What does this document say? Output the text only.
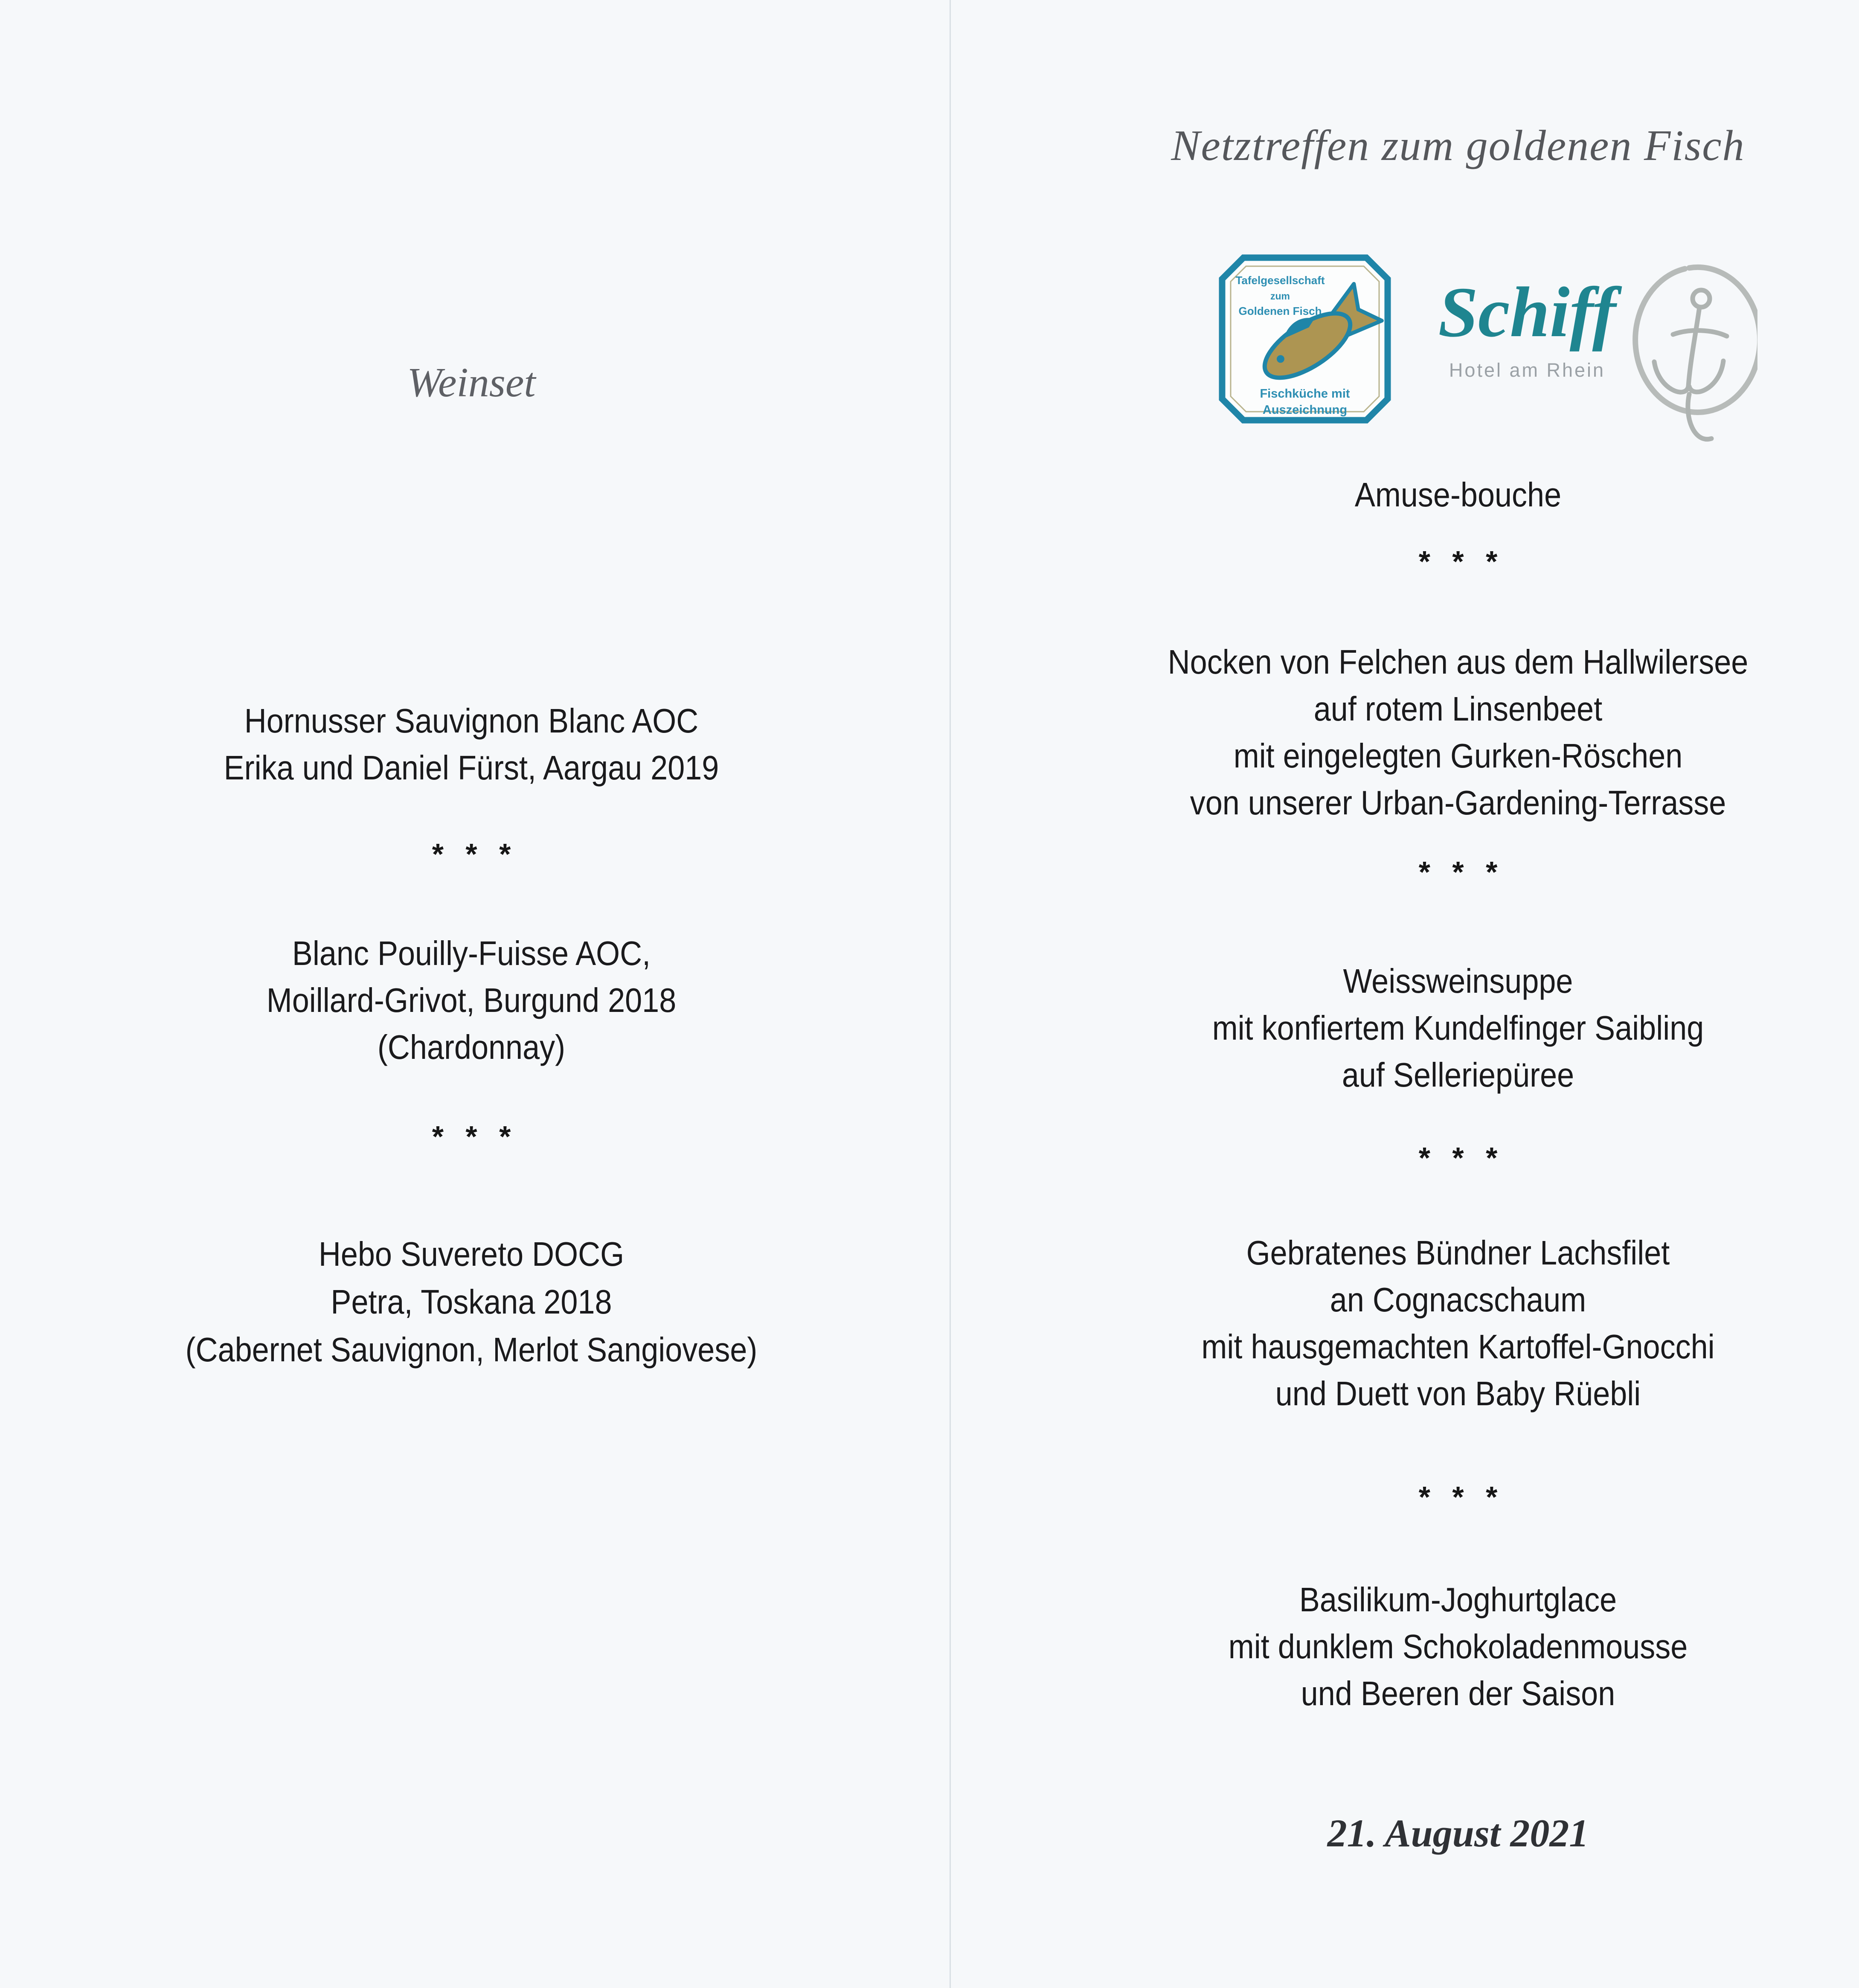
Weinset
Hornusser Sauvignon Blanc AOC
Erika und Daniel Fürst, Aargau 2019
* * *
Blanc Pouilly-Fuisse AOC,
Moillard-Grivot, Burgund 2018
(Chardonnay)
* * *
Hebo Suvereto DOCG
Petra, Toskana 2018
(Cabernet Sauvignon, Merlot Sangiovese)
Netztreffen zum goldenen Fisch
Amuse-bouche
* * *
Nocken von Felchen aus dem Hallwilersee
auf rotem Linsenbeet
mit eingelegten Gurken-Röschen
von unserer Urban-Gardening-Terrasse
* * *
Weissweinsuppe
mit konfiertem Kundelfinger Saibling
auf Selleriepüree
* * *
Gebratenes Bündner Lachsfilet
an Cognacschaum
mit hausgemachten Kartoffel-Gnocchi
und Duett von Baby Rüebli
* * *
Basilikum-Joghurtglace
mit dunklem Schokoladenmousse
und Beeren der Saison
21. August 2021
Tafelgesellschaft
zum
Goldenen Fisch
Fischküche mit
Auszeichnung
Schiff
Hotel am Rhein
